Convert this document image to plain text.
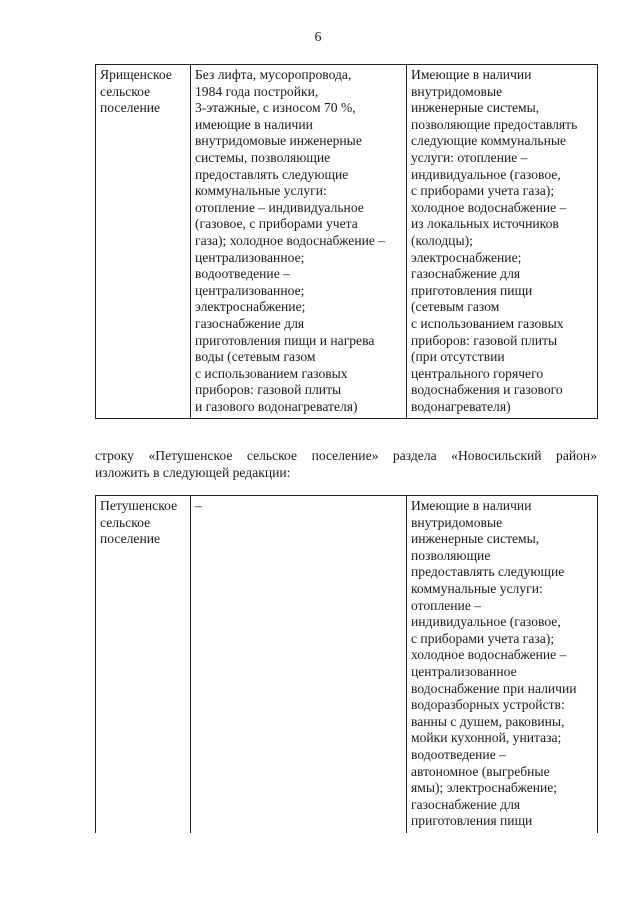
6
Ярищенское
сельское
поселение

Без лифта, мусоропровода,
1984 года постройки,
3-этажные, с износом 70 %,
имеющие в наличии
внутридомовые инженерные
системы, позволяющие
предоставлять следующие
коммунальные услуги:
отопление – индивидуальное
(газовое, с приборами учета
газа); холодное водоснабжение –
централизованное;
водоотведение –
централизованное;
электроснабжение;
газоснабжение для
приготовления пищи и нагрева
воды (сетевым газом
с использованием газовых
приборов: газовой плиты
и газового водонагревателя)

Имеющие в наличии
внутридомовые
инженерные системы,
позволяющие предоставлять
следующие коммунальные
услуги: отопление –
индивидуальное (газовое,
с приборами учета газа);
холодное водоснабжение –
из локальных источников
(колодцы);
электроснабжение;
газоснабжение для
приготовления пищи
(сетевым газом
с использованием газовых
приборов: газовой плиты
(при отсутствии
центрального горячего
водоснабжения и газового
водонагревателя)
строку «Петушенское сельское поселение» раздела «Новосильский район»
изложить в следующей редакции:
Петушенское
сельское
поселение

–	Имеющие в наличии
внутридомовые
инженерные системы,
позволяющие
предоставлять следующие
коммунальные услуги:
отопление –
индивидуальное (газовое,
с приборами учета газа);
холодное водоснабжение –
централизованное
водоснабжение при наличии
водоразборных устройств:
ванны с душем, раковины,
мойки кухонной, унитаза;
водоотведение –
автономное (выгребные
ямы); электроснабжение;
газоснабжение для
приготовления пищи
